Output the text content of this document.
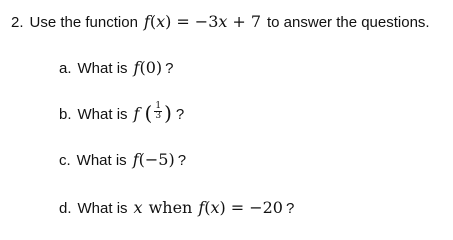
2. Use the function f(x) = −3x + 7 to answer the questions.
a. What is f(0) ?
b. What is f ( $\frac{1}{3}$ ) ?
c. What is f(−5) ?
d. What is x when f(x) = −20 ?
